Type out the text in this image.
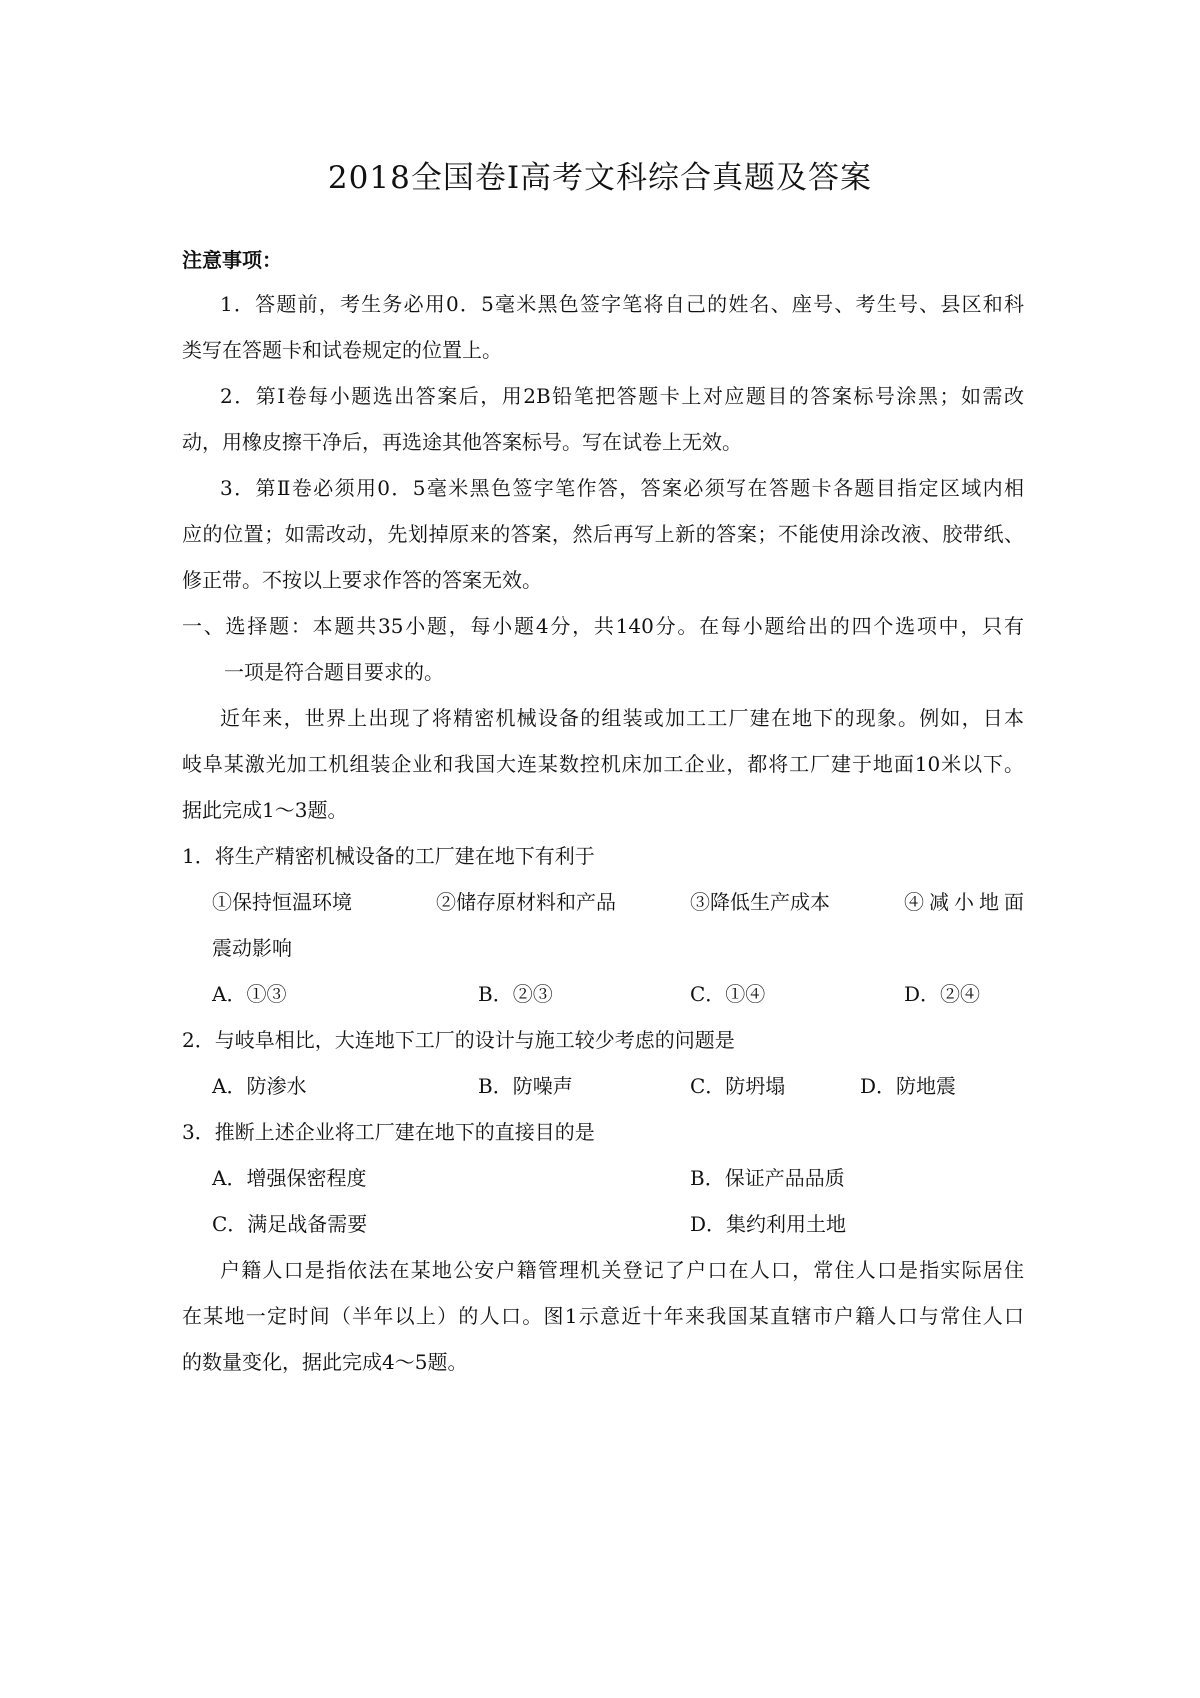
2018全国卷Ⅰ高考文科综合真题及答案
注意事项：
1．答题前，考生务必用0．5毫米黑色签字笔将自己的姓名、座号、考生号、县区和科
类写在答题卡和试卷规定的位置上。
2．第Ⅰ卷每小题选出答案后，用2B铅笔把答题卡上对应题目的答案标号涂黑；如需改
动，用橡皮擦干净后，再选途其他答案标号。写在试卷上无效。
3．第Ⅱ卷必须用0．5毫米黑色签字笔作答，答案必须写在答题卡各题目指定区域内相
应的位置；如需改动，先划掉原来的答案，然后再写上新的答案；不能使用涂改液、胶带纸、
修正带。不按以上要求作答的答案无效。
一、选择题：本题共35小题，每小题4分，共140分。在每小题给出的四个选项中，只有
一项是符合题目要求的。
近年来，世界上出现了将精密机械设备的组装或加工工厂建在地下的现象。例如，日本
岐阜某激光加工机组装企业和我国大连某数控机床加工企业，都将工厂建于地面10米以下。
据此完成1～3题。
1．将生产精密机械设备的工厂建在地下有利于
①保持恒温环境	②储存原材料和产品	③降低生产成本	④减小地面
震动影响
A．①③	B．②③	C．①④	D．②④
2．与岐阜相比，大连地下工厂的设计与施工较少考虑的问题是
A．防渗水	B．防噪声	C．防坍塌	D．防地震
3．推断上述企业将工厂建在地下的直接目的是
A．增强保密程度	B．保证产品品质
C．满足战备需要	D．集约利用土地
户籍人口是指依法在某地公安户籍管理机关登记了户口在人口，常住人口是指实际居住
在某地一定时间（半年以上）的人口。图1示意近十年来我国某直辖市户籍人口与常住人口
的数量变化，据此完成4～5题。
